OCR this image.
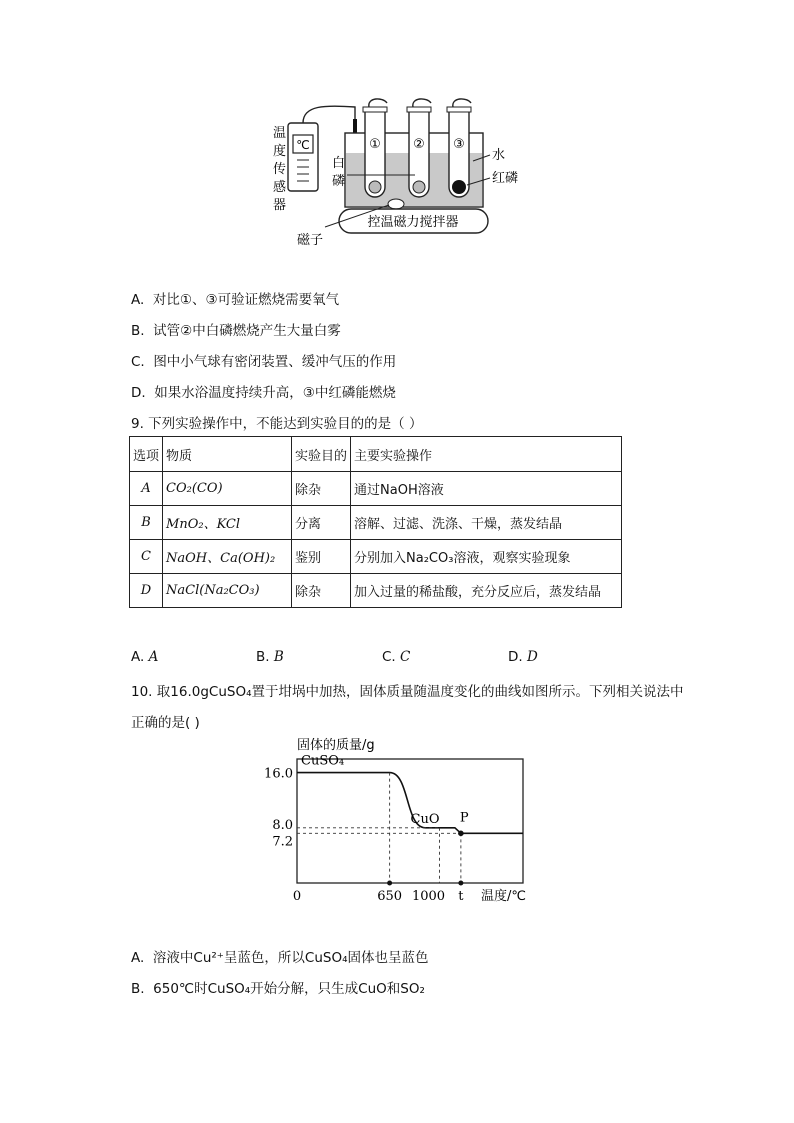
℃	① ② ③
白
磷
水
红磷
控温磁力搅拌器
磁子
温
度
传
感
器
A. 对比①、③可验证燃烧需要氧气
B. 试管②中白磷燃烧产生大量白雾
C. 图中小气球有密闭装置、缓冲气压的作用
D. 如果水浴温度持续升高，③中红磷能燃烧
9. 下列实验操作中，不能达到实验目的的是（ ）
选项	物质	实验目的	主要实验操作
A	CO₂(CO)	除杂	通过NaOH溶液
B	MnO₂、KCl	分离	溶解、过滤、洗涤、干燥，蒸发结晶
C	NaOH、Ca(OH)₂	鉴别	分别加入Na₂CO₃溶液，观察实验现象
D	NaCl(Na₂CO₃)	除杂	加入过量的稀盐酸，充分反应后，蒸发结晶
A. A	B. B	C. C	D. D
10. 取16.0gCuSO₄置于坩埚中加热，固体质量随温度变化的曲线如图所示。下列相关说法中
正确的是( )
固体的质量/g
16.0
8.0
7.2
0	650 1000 t
CuSO₄
CuO P
温度/℃
A. 溶液中Cu²⁺呈蓝色，所以CuSO₄固体也呈蓝色
B. 650℃时CuSO₄开始分解，只生成CuO和SO₂
